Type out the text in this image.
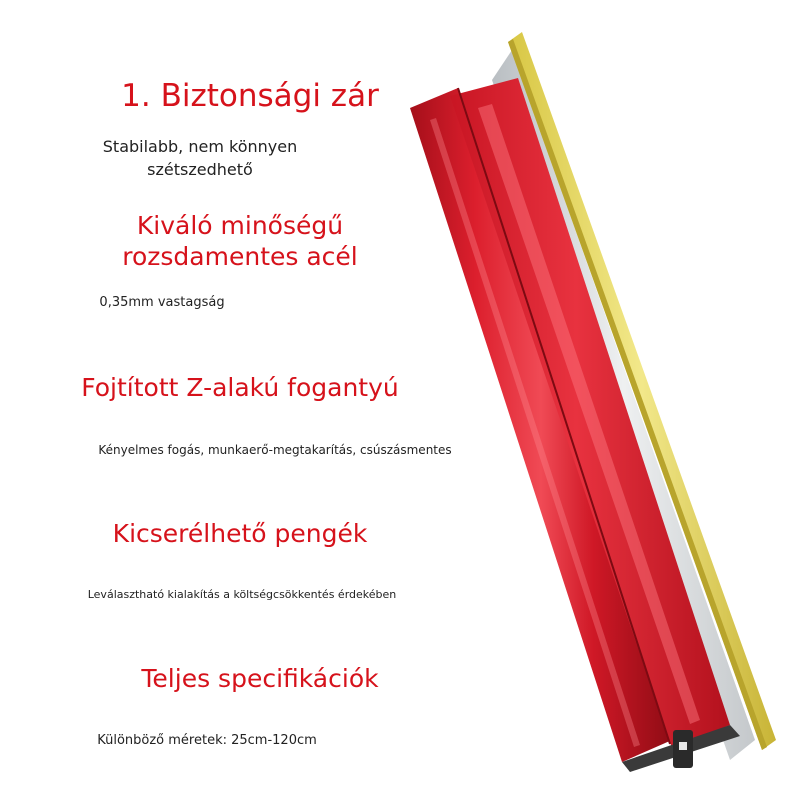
1. Biztonsági zár
Stabilabb, nem könnyen
szétszedhető
Kiváló minőségű
rozsdamentes acél
0,35mm vastagság
Fojtított Z-alakú fogantyú
Kényelmes fogás, munkaerő-megtakarítás, csúszásmentes
Kicserélhető pengék
Leválasztható kialakítás a költségcsökkentés érdekében
Teljes specifikációk
Különböző méretek: 25cm-120cm
